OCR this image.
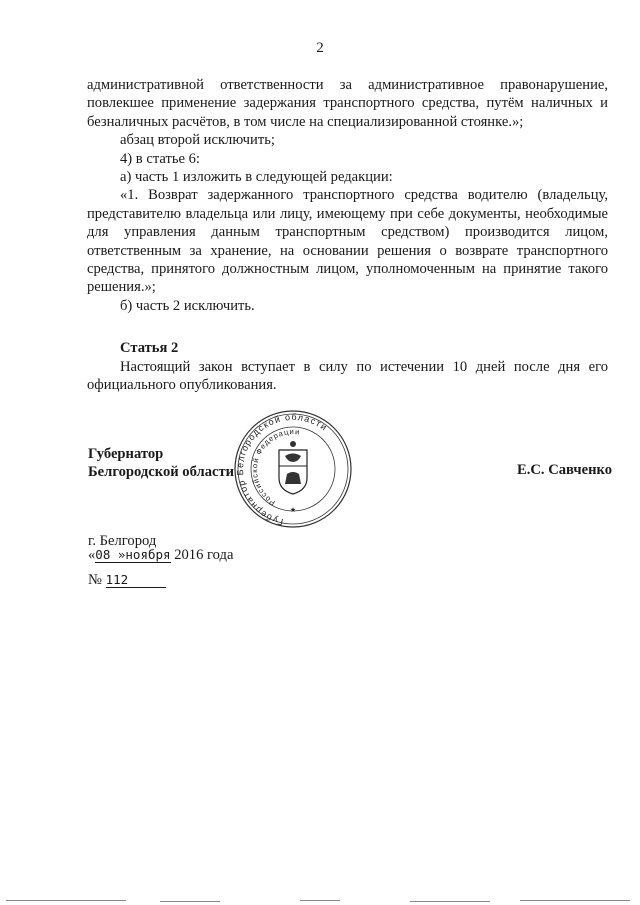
2

административной ответственности за административное правонарушение, повлекшее применение задержания транспортного средства, путём наличных и безналичных расчётов, в том числе на специализированной стоянке.»;

абзац второй исключить;

4) в статье 6:

а) часть 1 изложить в следующей редакции:

«1. Возврат задержанного транспортного средства водителю (владельцу, представителю владельца или лицу, имеющему при себе документы, необходимые для управления данным транспортным средством) производится лицом, ответственным за хранение, на основании решения о возврате транспортного средства, принятого должностным лицом, уполномоченным на принятие такого решения.»;

б) часть 2 исключить.

Статья 2

Настоящий закон вступает в силу по истечении 10 дней после дня его официального опубликования.

Губернатор
Белгородской области	Е.С. Савченко
Губернатор Белгородской области
Российской Федерации
★
г. Белгород
«08 »ноября 2016 года
№ 112
